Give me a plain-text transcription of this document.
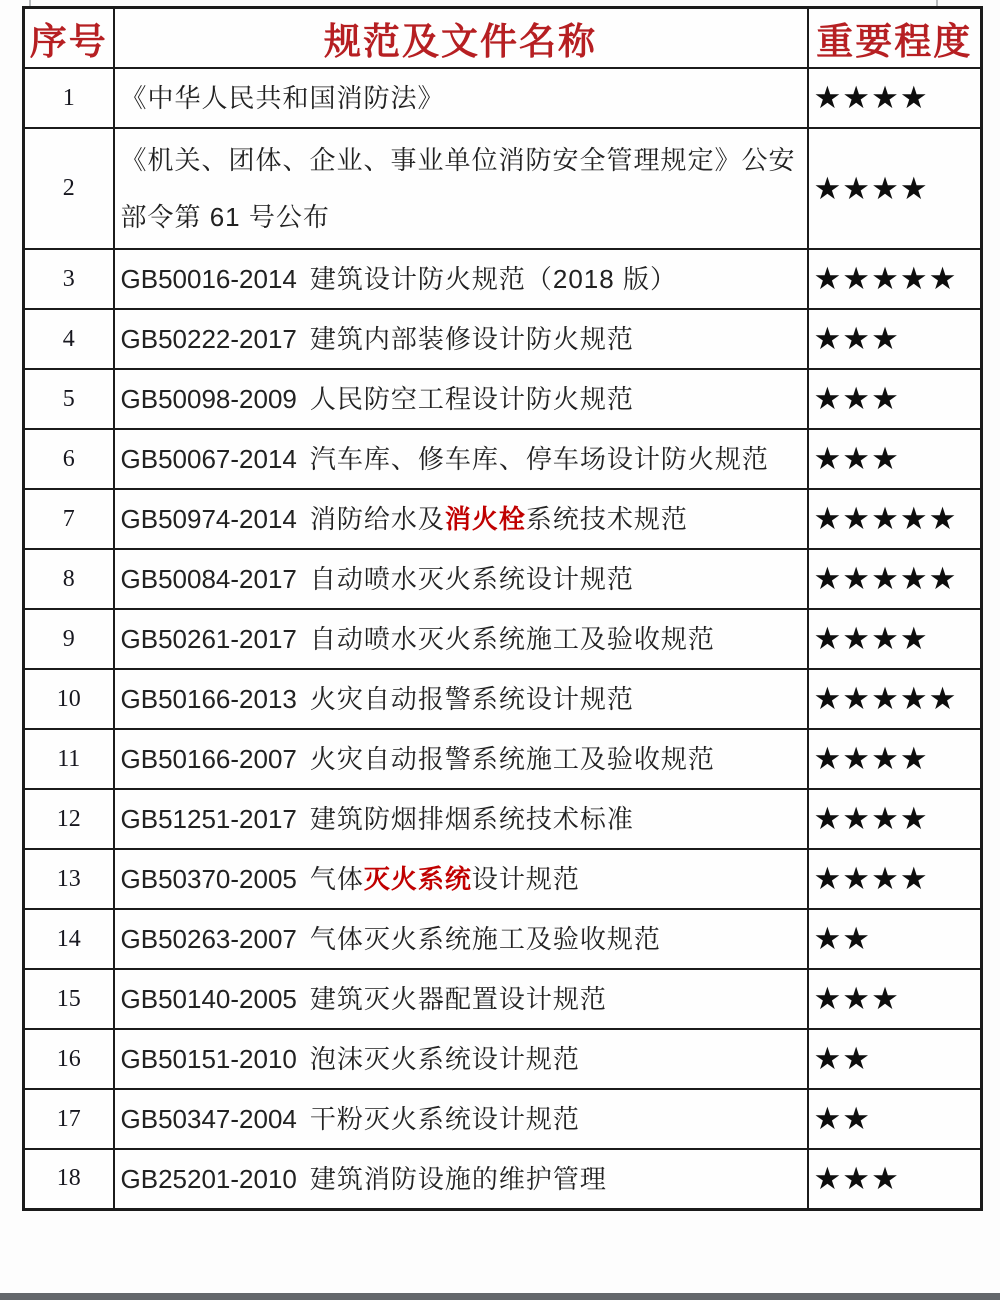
序号	规范及文件名称	重要程度
1	《中华人民共和国消防法》	★★★★
2	《机关、团体、企业、事业单位消防安全管理规定》公安部令第 61 号公布	★★★★
3	GB50016-2014 建筑设计防火规范（2018 版）	★★★★★
4	GB50222-2017 建筑内部装修设计防火规范	★★★
5	GB50098-2009 人民防空工程设计防火规范	★★★
6	GB50067-2014 汽车库、修车库、停车场设计防火规范	★★★
7	GB50974-2014 消防给水及消火栓系统技术规范	★★★★★
8	GB50084-2017 自动喷水灭火系统设计规范	★★★★★
9	GB50261-2017 自动喷水灭火系统施工及验收规范	★★★★
10	GB50166-2013 火灾自动报警系统设计规范	★★★★★
11	GB50166-2007 火灾自动报警系统施工及验收规范	★★★★
12	GB51251-2017 建筑防烟排烟系统技术标准	★★★★
13	GB50370-2005 气体灭火系统设计规范	★★★★
14	GB50263-2007 气体灭火系统施工及验收规范	★★
15	GB50140-2005 建筑灭火器配置设计规范	★★★
16	GB50151-2010 泡沫灭火系统设计规范	★★
17	GB50347-2004 干粉灭火系统设计规范	★★
18	GB25201-2010 建筑消防设施的维护管理	★★★
